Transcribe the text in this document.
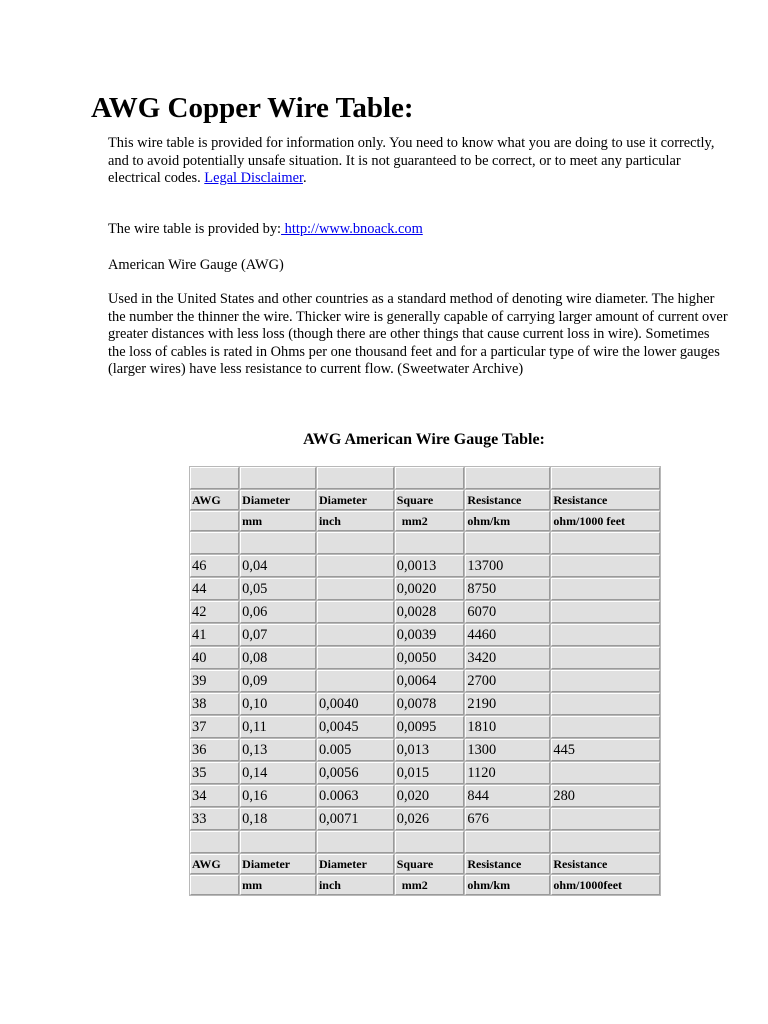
AWG Copper Wire Table:

This wire table is provided for information only. You need to know what you are doing to use it correctly, and to avoid potentially unsafe situation. It is not guaranteed to be correct, or to meet any particular electrical codes. Legal Disclaimer.

The wire table is provided by: http://www.bnoack.com

American Wire Gauge (AWG)

Used in the United States and other countries as a standard method of denoting wire diameter. The higher the number the thinner the wire. Thicker wire is generally capable of carrying larger amount of current over greater distances with less loss (though there are other things that cause current loss in wire). Sometimes the loss of cables is rated in Ohms per one thousand feet and for a particular type of wire the lower gauges (larger wires) have less resistance to current flow. (Sweetwater Archive)

AWG American Wire Gauge Table:

AWG	Diameter	Diameter	Square	Resistance	Resistance
	mm	inch	mm2	ohm/km	ohm/1000 feet

46	0,04		0,0013	13700	
44	0,05		0,0020	8750	
42	0,06		0,0028	6070	
41	0,07		0,0039	4460	
40	0,08		0,0050	3420	
39	0,09		0,0064	2700	
38	0,10	0,0040	0,0078	2190	
37	0,11	0,0045	0,0095	1810	
36	0,13	0.005	0,013	1300	445
35	0,14	0,0056	0,015	1120	
34	0,16	0.0063	0,020	844	280
33	0,18	0,0071	0,026	676	

AWG	Diameter	Diameter	Square	Resistance	Resistance
	mm	inch	mm2	ohm/km	ohm/1000feet
